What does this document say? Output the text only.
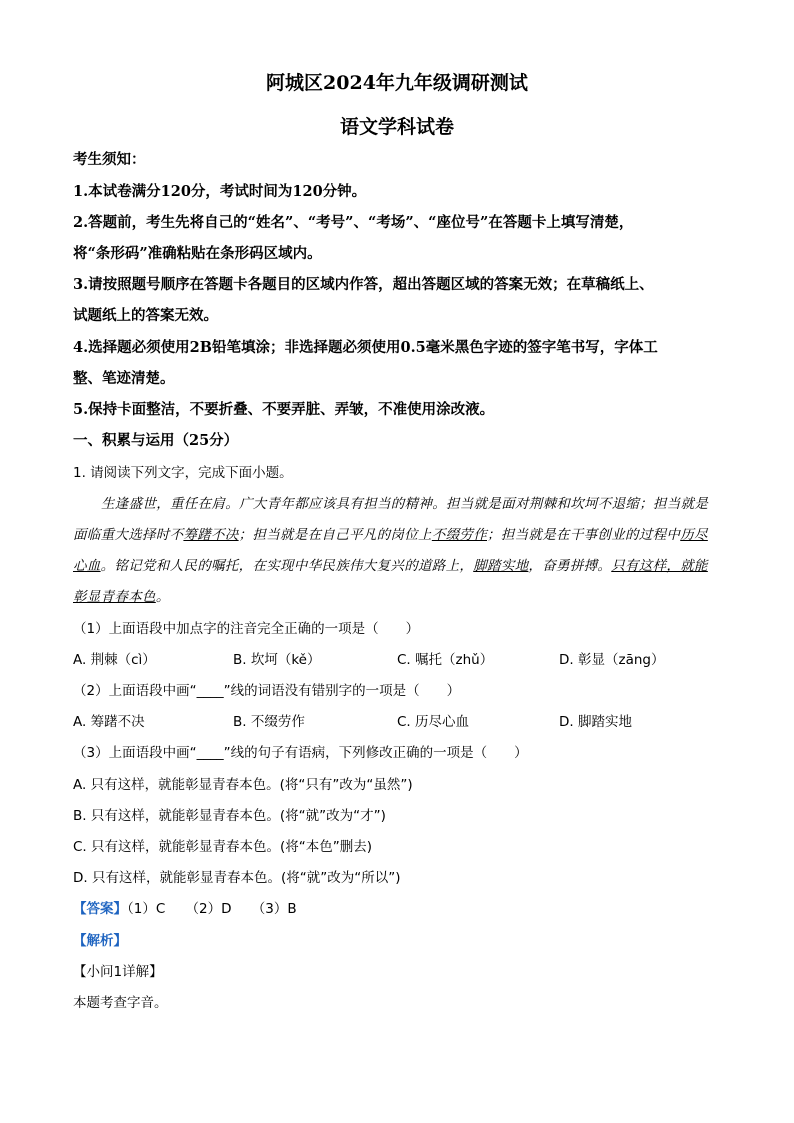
阿城区2024年九年级调研测试
语文学科试卷
考生须知：
1.本试卷满分120分，考试时间为120分钟。
2.答题前，考生先将自己的“姓名”、“考号”、“考场”、“座位号”在答题卡上填写清楚，
将“条形码”准确粘贴在条形码区域内。
3.请按照题号顺序在答题卡各题目的区域内作答，超出答题区域的答案无效；在草稿纸上、
试题纸上的答案无效。
4.选择题必须使用2B铅笔填涂；非选择题必须使用0.5毫米黑色字迹的签字笔书写，字体工
整、笔迹清楚。
5.保持卡面整洁，不要折叠、不要弄脏、弄皱，不准使用涂改液。
一、积累与运用（25分）
1. 请阅读下列文字，完成下面小题。
生逢盛世，重任在肩。广大青年都应该具有担当的精神。担当就是面对荆棘和坎坷不退缩；担当就是
面临重大选择时不筹躇不决；担当就是在自己平凡的岗位上不缀劳作；担当就是在干事创业的过程中历尽
心血。铭记党和人民的嘱托，在实现中华民族伟大复兴的道路上，脚踏实地，奋勇拼搏。只有这样，就能
彰显青春本色。
（1）上面语段中加点字的注音完全正确的一项是（　　）
A. 荆棘（cì）	B. 坎坷（kě）	C. 嘱托（zhǔ）	D. 彰显（zāng）
（2）上面语段中画“____”线的词语没有错别字的一项是（　　）
A. 筹躇不决	B. 不缀劳作	C. 历尽心血	D. 脚踏实地
（3）上面语段中画“____”线的句子有语病，下列修改正确的一项是（　　）
A. 只有这样，就能彰显青春本色。(将“只有”改为“虽然”)
B. 只有这样，就能彰显青春本色。(将“就”改为“才”)
C. 只有这样，就能彰显青春本色。(将“本色”删去)
D. 只有这样，就能彰显青春本色。(将“就”改为“所以”)
【答案】（1）C　　（2）D　　（3）B
【解析】
【小问1详解】
本题考查字音。
